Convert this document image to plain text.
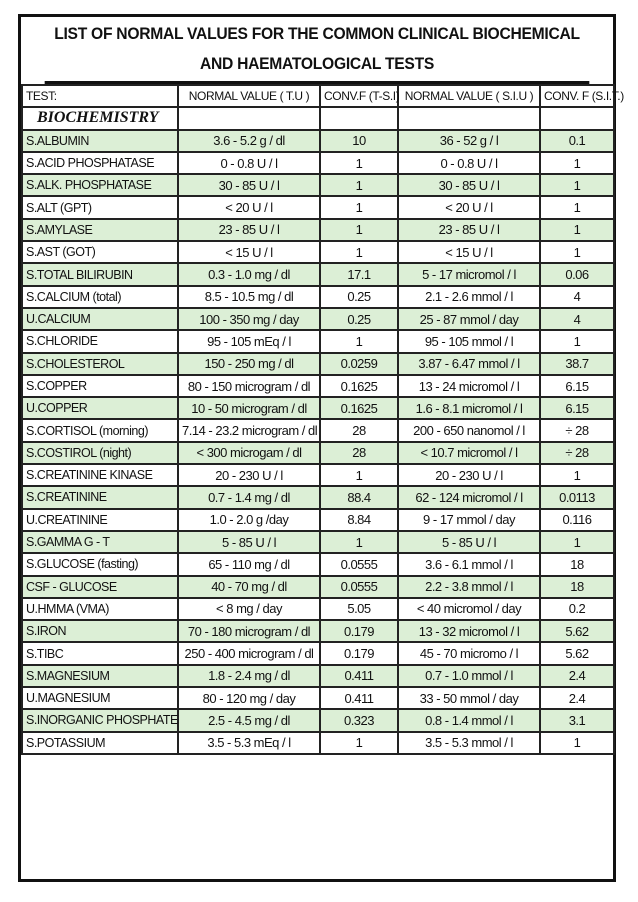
LIST OF NORMAL VALUES FOR THE COMMON CLINICAL BIOCHEMICAL
AND HAEMATOLOGICAL TESTS
TEST:	NORMAL VALUE ( T.U )	CONV.F (T-S.I)	NORMAL VALUE ( S.I.U )	CONV. F (S.I.T.)
BIOCHEMISTRY				
S.ALBUMIN	3.6 - 5.2 g / dl	10	36 - 52 g / l	0.1
S.ACID PHOSPHATASE	0 - 0.8 U / l	1	0 - 0.8 U / l	1
S.ALK. PHOSPHATASE	30 - 85 U / l	1	30 - 85 U / l	1
S.ALT (GPT)	< 20 U / l	1	< 20 U / l	1
S.AMYLASE	23 - 85 U / l	1	23 - 85 U / l	1
S.AST (GOT)	< 15 U / l	1	< 15 U / l	1
S.TOTAL BILIRUBIN	0.3 - 1.0 mg / dl	17.1	5 - 17 micromol / l	0.06
S.CALCIUM (total)	8.5 - 10.5 mg / dl	0.25	2.1 - 2.6 mmol / l	4
U.CALCIUM	100 - 350 mg / day	0.25	25 - 87 mmol / day	4
S.CHLORIDE	95 - 105 mEq / l	1	95 - 105 mmol / l	1
S.CHOLESTEROL	150 - 250 mg / dl	0.0259	3.87 - 6.47 mmol / l	38.7
S.COPPER	80 - 150 microgram / dl	0.1625	13 - 24 micromol / l	6.15
U.COPPER	10 - 50 microgram / dl	0.1625	1.6 - 8.1 micromol / l	6.15
S.CORTISOL (morning)	7.14 - 23.2 microgram / dl	28	200 - 650 nanomol / l	÷ 28
S.COSTIROL (night)	< 300 microgam / dl	28	< 10.7 micromol / l	÷ 28
S.CREATININE KINASE	20 - 230 U / l	1	20 - 230 U / l	1
S.CREATININE	0.7 - 1.4 mg / dl	88.4	62 - 124 micromol / l	0.0113
U.CREATININE	1.0 - 2.0 g /day	8.84	9 - 17 mmol / day	0.116
S.GAMMA G - T	5 - 85 U / l	1	5 - 85 U / l	1
S.GLUCOSE (fasting)	65 - 110 mg / dl	0.0555	3.6 - 6.1 mmol / l	18
CSF - GLUCOSE	40 - 70 mg / dl	0.0555	2.2 - 3.8 mmol / l	18
U.HMMA (VMA)	< 8 mg / day	5.05	< 40 micromol / day	0.2
S.IRON	70 - 180 microgram / dl	0.179	13 - 32 micromol / l	5.62
S.TIBC	250 - 400 microgram / dl	0.179	45 - 70 micromo / l	5.62
S.MAGNESIUM	1.8 - 2.4 mg / dl	0.411	0.7 - 1.0 mmol / l	2.4
U.MAGNESIUM	80 - 120 mg / day	0.411	33 - 50 mmol / day	2.4
S.INORGANIC PHOSPHATE	2.5 - 4.5 mg / dl	0.323	0.8 - 1.4 mmol / l	3.1
S.POTASSIUM	3.5 - 5.3 mEq / l	1	3.5 - 5.3 mmol / l	1
